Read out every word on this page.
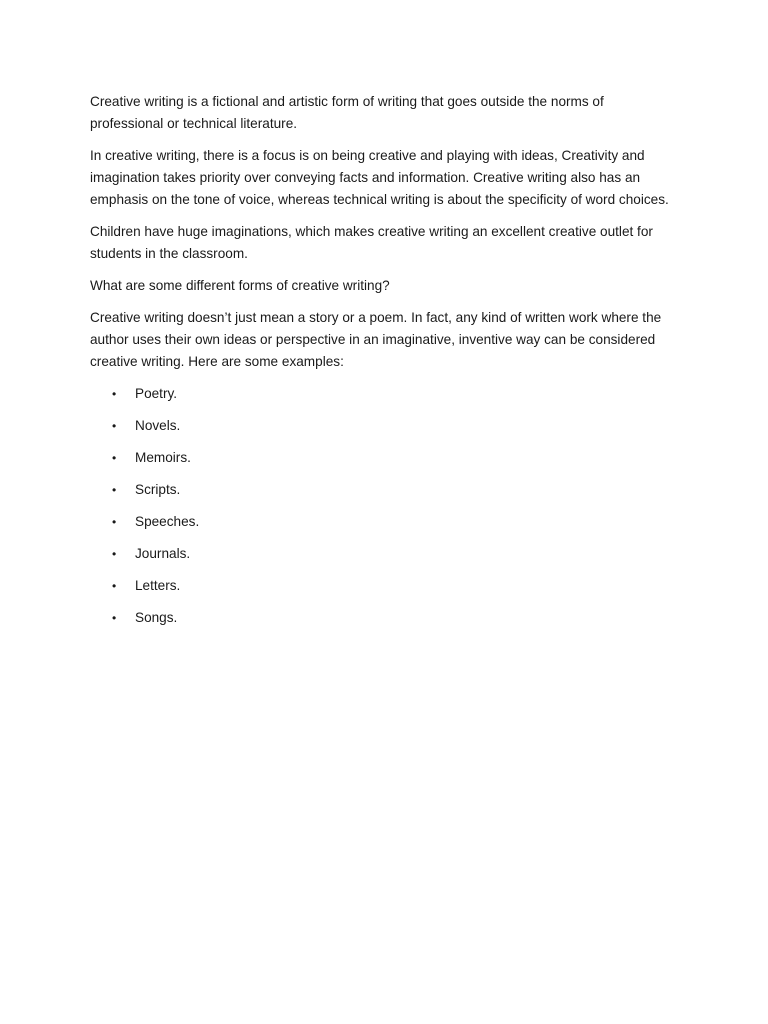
Creative writing is a fictional and artistic form of writing that goes outside the norms of professional or technical literature.

In creative writing, there is a focus is on being creative and playing with ideas, Creativity and imagination takes priority over conveying facts and information. Creative writing also has an emphasis on the tone of voice, whereas technical writing is about the specificity of word choices.

Children have huge imaginations, which makes creative writing an excellent creative outlet for students in the classroom.

What are some different forms of creative writing?

Creative writing doesn’t just mean a story or a poem. In fact, any kind of written work where the author uses their own ideas or perspective in an imaginative, inventive way can be considered creative writing. Here are some examples:

• Poetry.
• Novels.
• Memoirs.
• Scripts.
• Speeches.
• Journals.
• Letters.
• Songs.
